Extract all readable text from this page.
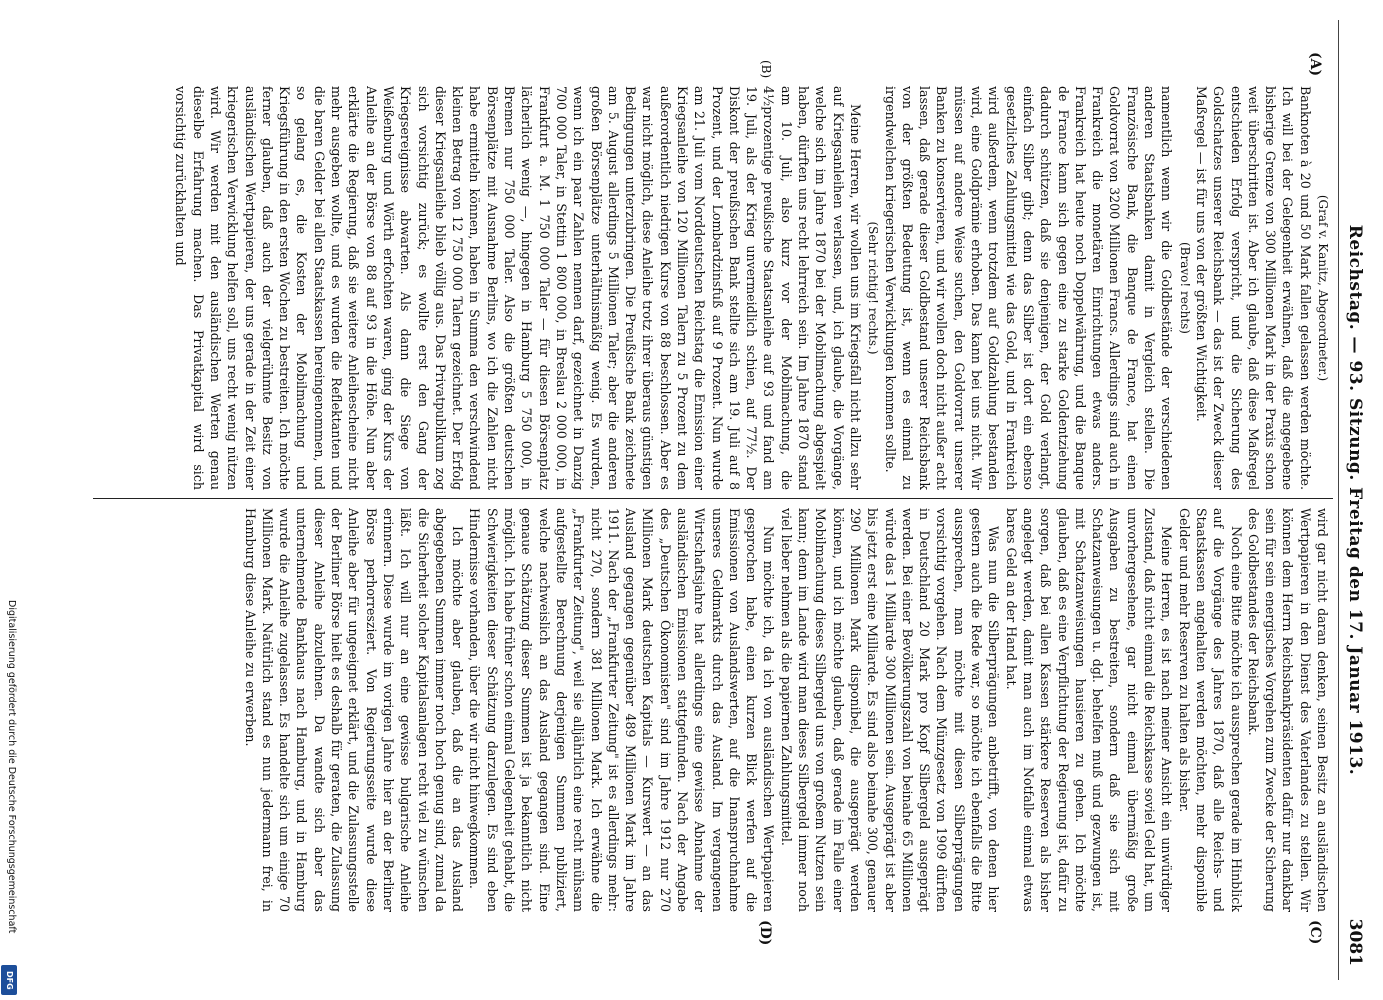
Reichstag. — 93. Sitzung. Freitag den 17. Januar 1913.
3081
(A)
(B)
(C)
(D)

(Graf v. Kanitz, Abgeordneter.)

Banknoten à 20 und 50 Mark fallen gelassen werden möchte. Ich will bei der Gelegenheit erwähnen, daß die angegebene bisherige Grenze von 300 Millionen Mark in der Praxis schon weit überschritten ist. Aber ich glaube, daß diese Maßregel entschieden Erfolg verspricht, und die Sicherung des Goldschatzes unserer Reichsbank — das ist der Zweck dieser Maßregel — ist für uns von der größten Wichtigkeit.

(Bravo! rechts)

namentlich wenn wir die Goldbestände der verschiedenen anderen Staatsbanken damit in Vergleich stellen. Die Französische Bank, die Banque de France, hat einen Goldvorrat von 3200 Millionen Francs. Allerdings sind auch in Frankreich die monetären Einrichtungen etwas anders. Frankreich hat heute noch Doppelwährung, und die Banque de France kann sich gegen eine zu starke Goldentziehung dadurch schützen, daß sie denjenigen, der Gold verlangt, einfach Silber gibt; denn das Silber ist dort ein ebenso gesetzliches Zahlungsmittel wie das Gold, und in Frankreich wird außerdem, wenn trotzdem auf Goldzahlung bestanden wird, eine Goldprämie erhoben. Das kann bei uns nicht. Wir müssen auf andere Weise suchen, den Goldvorrat unserer Banken zu konservieren, und wir wollen doch nicht außer acht lassen, daß gerade dieser Goldbestand unserer Reichsbank von der größten Bedeutung ist, wenn es einmal zu irgendwelchen kriegerischen Verwicklungen kommen sollte.

(Sehr richtig! rechts.)

Meine Herren, wir wollen uns im Kriegsfall nicht allzu sehr auf Kriegsanleihen verlassen, und, ich glaube, die Vorgänge, welche sich im Jahre 1870 bei der Mobilmachung abgespielt haben, dürften uns recht lehrreich sein. Im Jahre 1870 stand am 10. Juli, also kurz vor der Mobilmachung, die 4½prozentige preußische Staatsanleihe auf 93 und fand am 19. Juli, als der Krieg unvermeidlich schien, auf 77½. Der Diskont der preußischen Bank stellte sich am 19. Juli auf 8 Prozent, und der Lombardzinsfuß auf 9 Prozent. Nun wurde am 21. Juli vom Norddeutschen Reichstag die Emission einer Kriegsanleihe von 120 Millionen Talern zu 5 Prozent zu dem außerordentlich niedrigen Kurse von 88 beschlossen. Aber es war nicht möglich, diese Anleihe trotz ihrer überaus günstigen Bedingungen unterzubringen. Die Preußische Bank zeichnete am 5. August allerdings 5 Millionen Taler; aber die anderen großen Börsenplätze unterhältnismäßig wenig. Es wurden, wenn ich ein paar Zahlen nennen darf, gezeichnet in Danzig 700 000 Taler, in Stettin 1 800 000, in Breslau 2 000 000, in Frankfurt a. M. 1 750 000 Taler — für diesen Börsenplatz lächerlich wenig —, hingegen in Hamburg 5 750 000, in Bremen nur 750 000 Taler. Also die größten deutschen Börsenplätze mit Ausnahme Berlins, wo ich die Zahlen nicht habe ermitteln können, haben in Summa den verschwindend kleinen Betrag von 12 750 000 Talern gezeichnet. Der Erfolg dieser Kriegsanleihe blieb völlig aus. Das Privatpublikum zog sich vorsichtig zurück; es wollte erst den Gang der Kriegsereignisse abwarten. Als dann die Siege von Weißenburg und Wörth erfochten waren, ging der Kurs der Anleihe an der Börse von 88 auf 93 in die Höhe. Nun aber erklärte die Regierung, daß sie weitere Anleihescheine nicht mehr ausgeben wollte, und es wurden die Reflektanten und die baren Gelder bei allen Staatskassen hereingenommen, und so gelang es, die Kosten der Mobilmachung und Kriegsführung in den ersten Wochen zu bestreiten. Ich möchte ferner glauben, daß auch der vielgerühmte Besitz von ausländischen Wertpapieren, der uns gerade in der Zeit einer kriegerischen Verwicklung helfen soll, uns recht wenig nützen wird. Wir werden mit den ausländischen Werten genau dieselbe Erfahrung machen. Das Privatkapital wird sich vorsichtig zurückhalten und

wird gar nicht daran denken, seinen Besitz an ausländischen Wertpapieren in den Dienst des Vaterlandes zu stellen. Wir können dem Herrn Reichsbankpräsidenten dafür nur dankbar sein für sein energisches Vorgehen zum Zwecke der Sicherung des Goldbestandes der Reichsbank.

Noch eine Bitte möchte ich aussprechen gerade im Hinblick auf die Vorgänge des Jahres 1870, daß alle Reichs- und Staatskassen angehalten werden möchten, mehr disponible Gelder und mehr Reserven zu halten als bisher.

Meine Herren, es ist nach meiner Ansicht ein unwürdiger Zustand, daß nicht einmal die Reichskasse soviel Geld hat, um unvorhergesehene, gar nicht einmal übermäßig große Ausgaben zu bestreiten, sondern daß sie sich mit Schatzanweisungen u. dgl. behelfen muß und gezwungen ist, mit Schatzanweisungen hausieren zu gehen. Ich möchte glauben, daß es eine Verpflichtung der Regierung ist, dafür zu sorgen, daß bei allen Kassen stärkere Reserven als bisher angelegt werden, damit man auch im Notfalle einmal etwas bares Geld an der Hand hat.

Was nun die Silberprägungen anbetrifft, von denen hier gestern auch die Rede war, so möchte ich ebenfalls die Bitte aussprechen, man möchte mit diesen Silberprägungen vorsichtig vorgehen. Nach dem Münzgesetz von 1909 dürften in Deutschland 20 Mark pro Kopf Silbergeld ausgeprägt werden. Bei einer Bevölkerungszahl von beinahe 65 Millionen würde das 1 Milliarde 300 Millionen sein. Ausgeprägt ist aber bis jetzt erst eine Milliarde. Es sind also beinahe 300, genauer 290 Millionen Mark disponibel, die ausgeprägt werden können, und ich möchte glauben, daß gerade im Falle einer Mobilmachung dieses Silbergeld uns von großem Nutzen sein kann; denn im Lande wird man dieses Silbergeld immer noch viel lieber nehmen als die papiernen Zahlungsmittel.

Nun möchte ich, da ich von ausländischen Wertpapieren gesprochen habe, einen kurzen Blick werfen auf die Emissionen von Auslandswerten, auf die Inanspruchnahme unseres Geldmarkts durch das Ausland. Im vergangenen Wirtschaftsjahre hat allerdings eine gewisse Abnahme der ausländischen Emissionen stattgefunden. Nach der Angabe des „Deutschen Ökonomisten" sind im Jahre 1912 nur 270 Millionen Mark deutschen Kapitals — Kurswert — an das Ausland gegangen gegenüber 489 Millionen Mark im Jahre 1911. Nach der „Frankfurter Zeitung" ist es allerdings mehr: nicht 270, sondern 381 Millionen Mark. Ich erwähne die „Frankfurter Zeitung", weil sie alljährlich eine recht mühsam aufgestellte Berechnung derjenigen Summen publiziert, welche nachweislich an das Ausland gegangen sind. Eine genaue Schätzung dieser Summen ist ja bekanntlich nicht möglich. Ich habe früher schon einmal Gelegenheit gehabt, die Schwierigkeiten dieser Schätzung darzulegen. Es sind eben Hindernisse vorhanden, über die wir nicht hinwegkommen.

Ich möchte aber glauben, daß die an das Ausland abgegebenen Summen immer noch hoch genug sind, zumal da die Sicherheit solcher Kapitalsanlagen recht viel zu wünschen läßt. Ich will nur an eine gewisse bulgarische Anleihe erinnern. Diese wurde im vorigen Jahre hier an der Berliner Börse perhorresziert. Von Regierungsseite wurde diese Anleihe aber für ungeeignet erklärt, und die Zulassungsstelle der Berliner Börse hielt es deshalb für geraten, die Zulassung dieser Anleihe abzulehnen. Da wandte sich aber das unternehmende Bankhaus nach Hamburg, und in Hamburg wurde die Anleihe zugelassen. Es handelte sich um einige 70 Millionen Mark. Natürlich stand es nun jedermann frei, in Hamburg diese Anleihe zu erwerben.

Digitalisierung gefördert durch die Deutsche Forschungsgemeinschaft
DFG
